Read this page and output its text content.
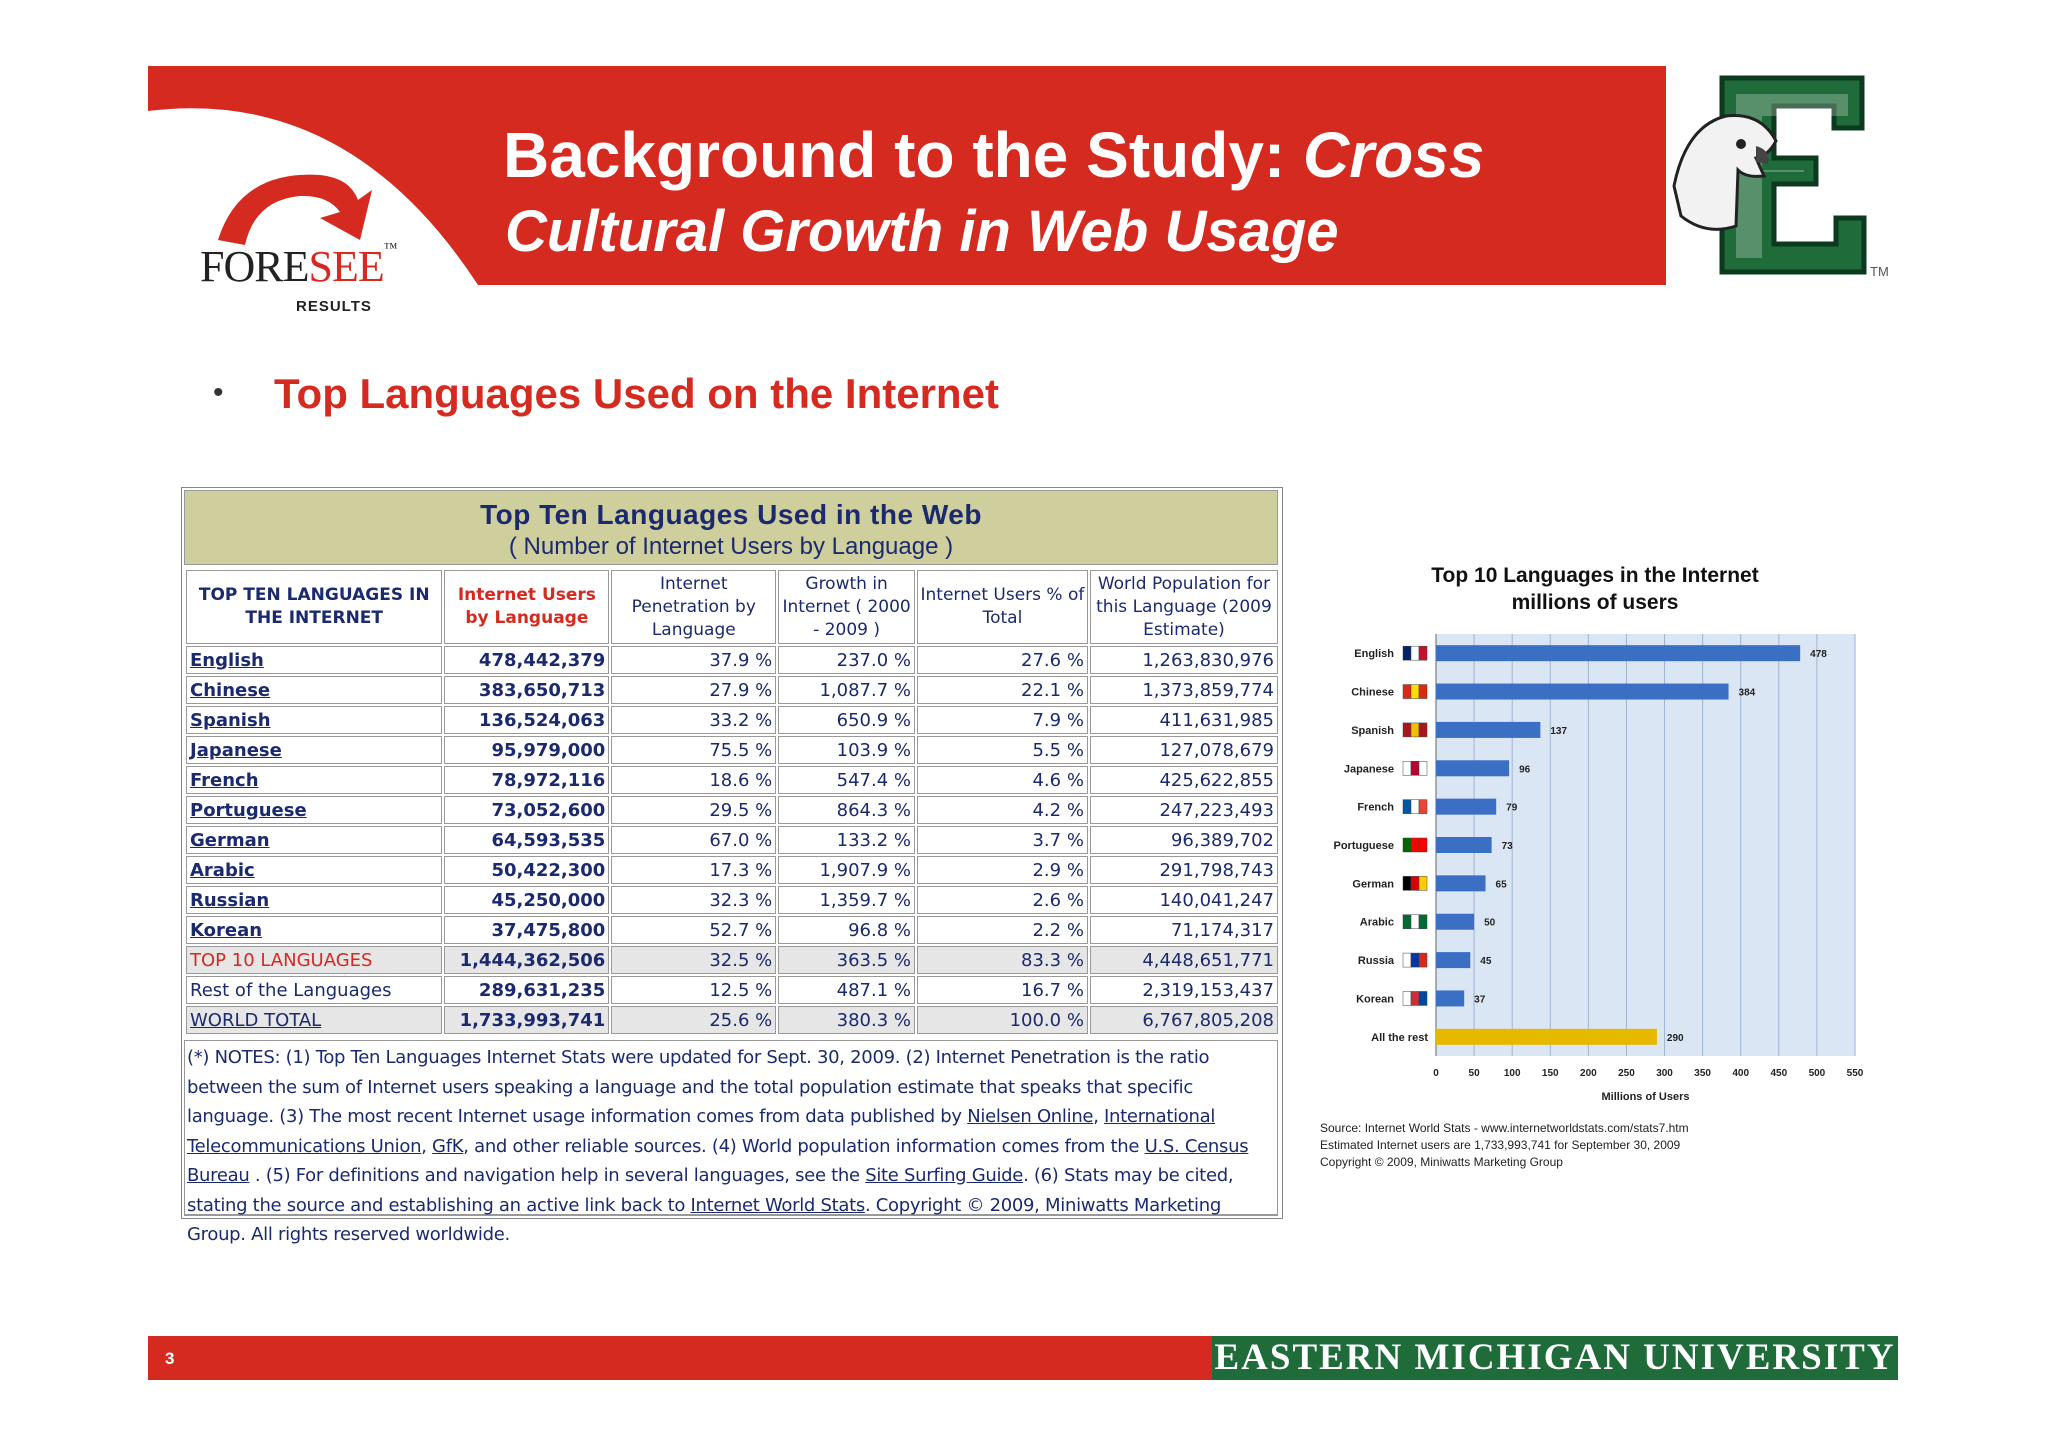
Background to the Study: Cross
Cultural Growth in Web Usage
FORESEE™
RESULTS
TM
• Top Languages Used on the Internet
Top Ten Languages Used in the Web
( Number of Internet Users by Language )
TOP TEN LANGUAGES IN THE INTERNET	Internet Users by Language	Internet Penetration by Language	Growth in Internet ( 2000 - 2009 )	Internet Users % of Total	World Population for this Language (2009 Estimate)
English	478,442,379	37.9 %	237.0 %	27.6 %	1,263,830,976
Chinese	383,650,713	27.9 %	1,087.7 %	22.1 %	1,373,859,774
Spanish	136,524,063	33.2 %	650.9 %	7.9 %	411,631,985
Japanese	95,979,000	75.5 %	103.9 %	5.5 %	127,078,679
French	78,972,116	18.6 %	547.4 %	4.6 %	425,622,855
Portuguese	73,052,600	29.5 %	864.3 %	4.2 %	247,223,493
German	64,593,535	67.0 %	133.2 %	3.7 %	96,389,702
Arabic	50,422,300	17.3 %	1,907.9 %	2.9 %	291,798,743
Russian	45,250,000	32.3 %	1,359.7 %	2.6 %	140,041,247
Korean	37,475,800	52.7 %	96.8 %	2.2 %	71,174,317
TOP 10 LANGUAGES	1,444,362,506	32.5 %	363.5 %	83.3 %	4,448,651,771
Rest of the Languages	289,631,235	12.5 %	487.1 %	16.7 %	2,319,153,437
WORLD TOTAL	1,733,993,741	25.6 %	380.3 %	100.0 %	6,767,805,208
(*) NOTES: (1) Top Ten Languages Internet Stats were updated for Sept. 30, 2009. (2) Internet Penetration is the ratio between the sum of Internet users speaking a language and the total population estimate that speaks that specific language. (3) The most recent Internet usage information comes from data published by Nielsen Online, International Telecommunications Union, GfK, and other reliable sources. (4) World population information comes from the U.S. Census Bureau . (5) For definitions and navigation help in several languages, see the Site Surfing Guide. (6) Stats may be cited, stating the source and establishing an active link back to Internet World Stats. Copyright © 2009, Miniwatts Marketing Group. All rights reserved worldwide.
Top 10 Languages in the Internet
millions of users
0	50 100 150 200 250 300 350 400 450 500 550
478
English
384
Chinese
137
Spanish
96
Japanese
79
French
73
Portuguese
65
German
50
Arabic
45
Russia
37
Korean
290
All the rest
Millions of Users
Source: Internet World Stats - www.internetworldstats.com/stats7.htm
Estimated Internet users are 1,733,993,741 for September 30, 2009
Copyright © 2009, Miniwatts Marketing Group
3	EASTERN MICHIGAN UNIVERSITY
